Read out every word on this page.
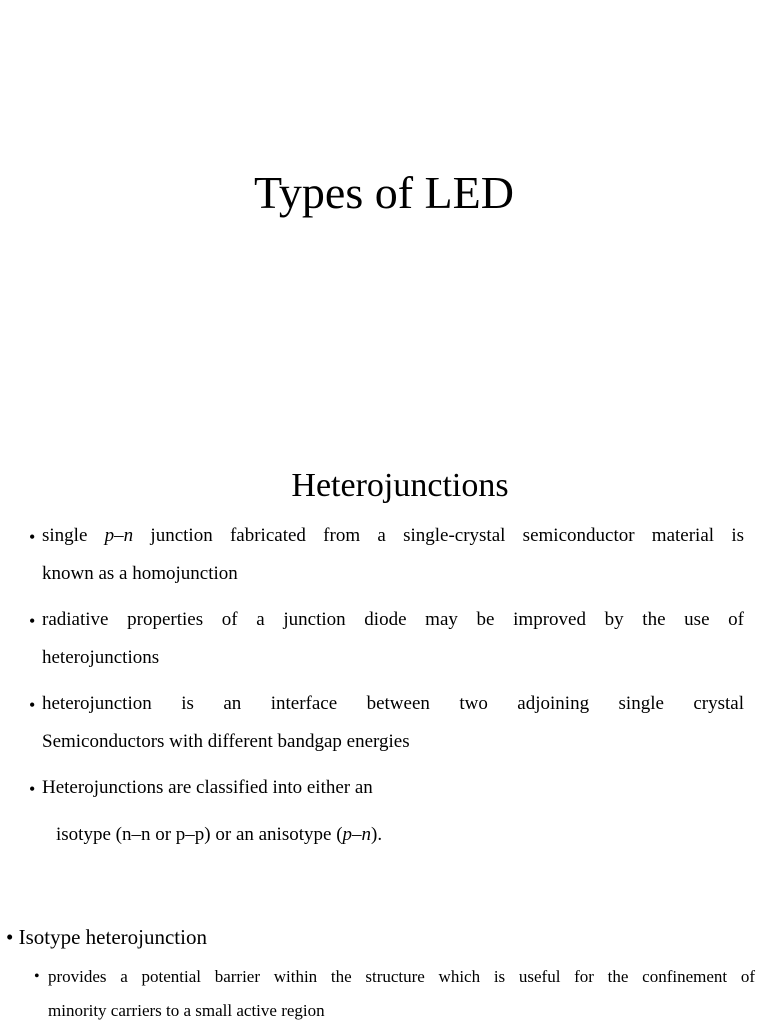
Types of LED
Heterojunctions
• single p–n junction fabricated from a single-crystal semiconductor material is
known as a homojunction
• radiative properties of a junction diode may be improved by the use of
heterojunctions
• heterojunction is an interface between two adjoining single crystal
Semiconductors with different bandgap energies
• Heterojunctions are classified into either an
isotype (n–n or p–p) or an anisotype (p–n).
• Isotype heterojunction
• provides a potential barrier within the structure which is useful for the confinement of
minority carriers to a small active region
